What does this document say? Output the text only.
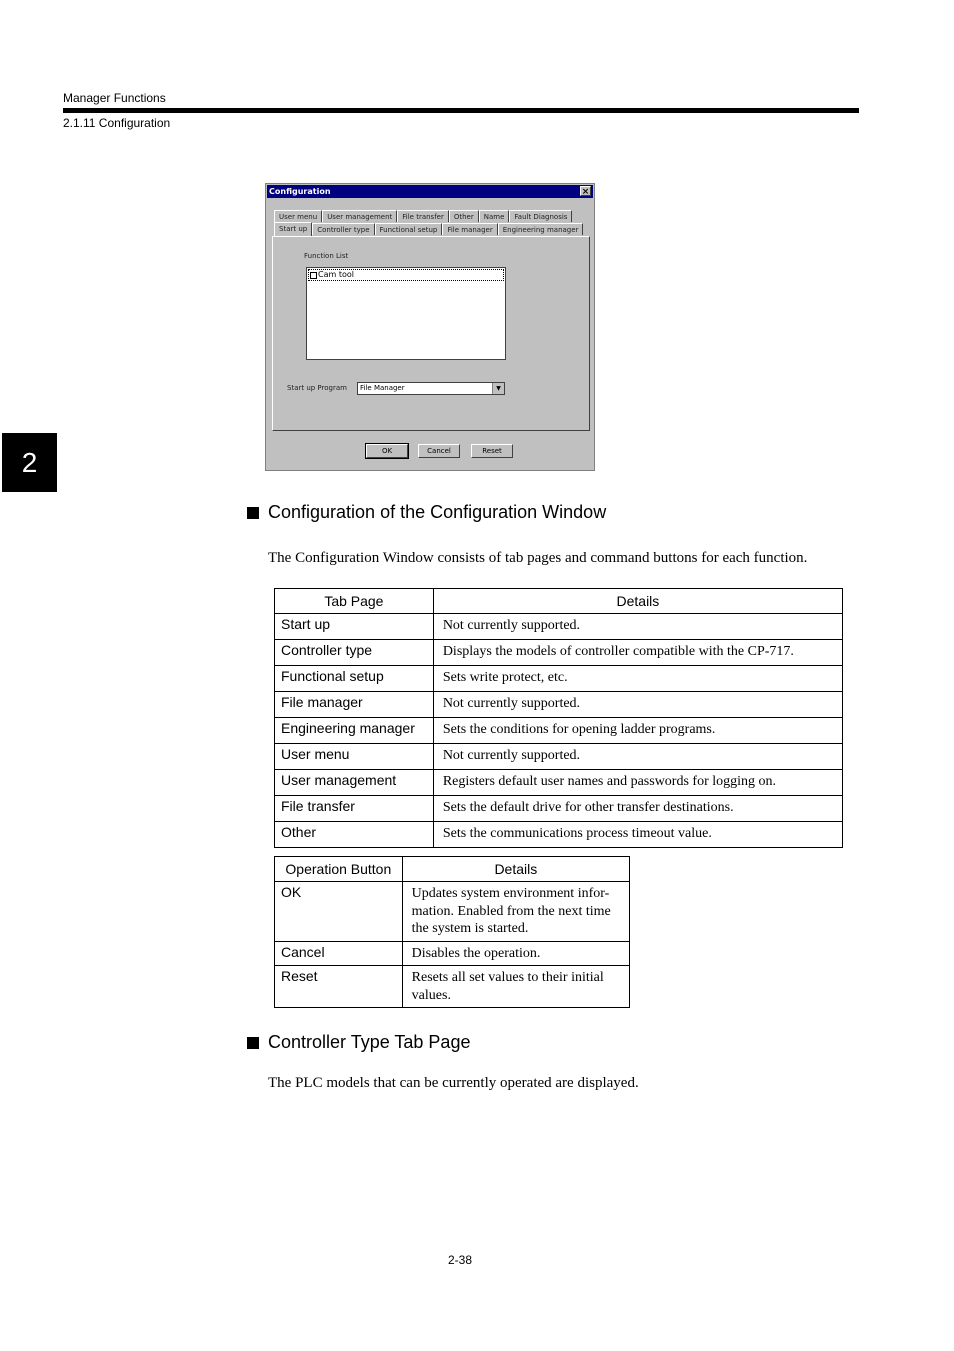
Manager Functions
2.1.11 Configuration
2
Configuration	×
User menu	User management	File transfer	Other	Name	Fault Diagnosis
Start up	Controller type	Functional setup	File manager	Engineering manager
Function List
Cam tool
Start up Program	File Manager	▼
OK	Cancel	Reset
Configuration of the Configuration Window
The Configuration Window consists of tab pages and command buttons for each function.
Tab Page	Details
Start up	Not currently supported.
Controller type	Displays the models of controller compatible with the CP-717.
Functional setup	Sets write protect, etc.
File manager	Not currently supported.
Engineering manager	Sets the conditions for opening ladder programs.
User menu	Not currently supported.
User management	Registers default user names and passwords for logging on.
File transfer	Sets the default drive for other transfer destinations.
Other	Sets the communications process timeout value.
Operation Button	Details
OK	Updates system environment infor-
mation. Enabled from the next time
the system is started.
Cancel	Disables the operation.
Reset	Resets all set values to their initial
values.
Controller Type Tab Page
The PLC models that can be currently operated are displayed.
2-38
